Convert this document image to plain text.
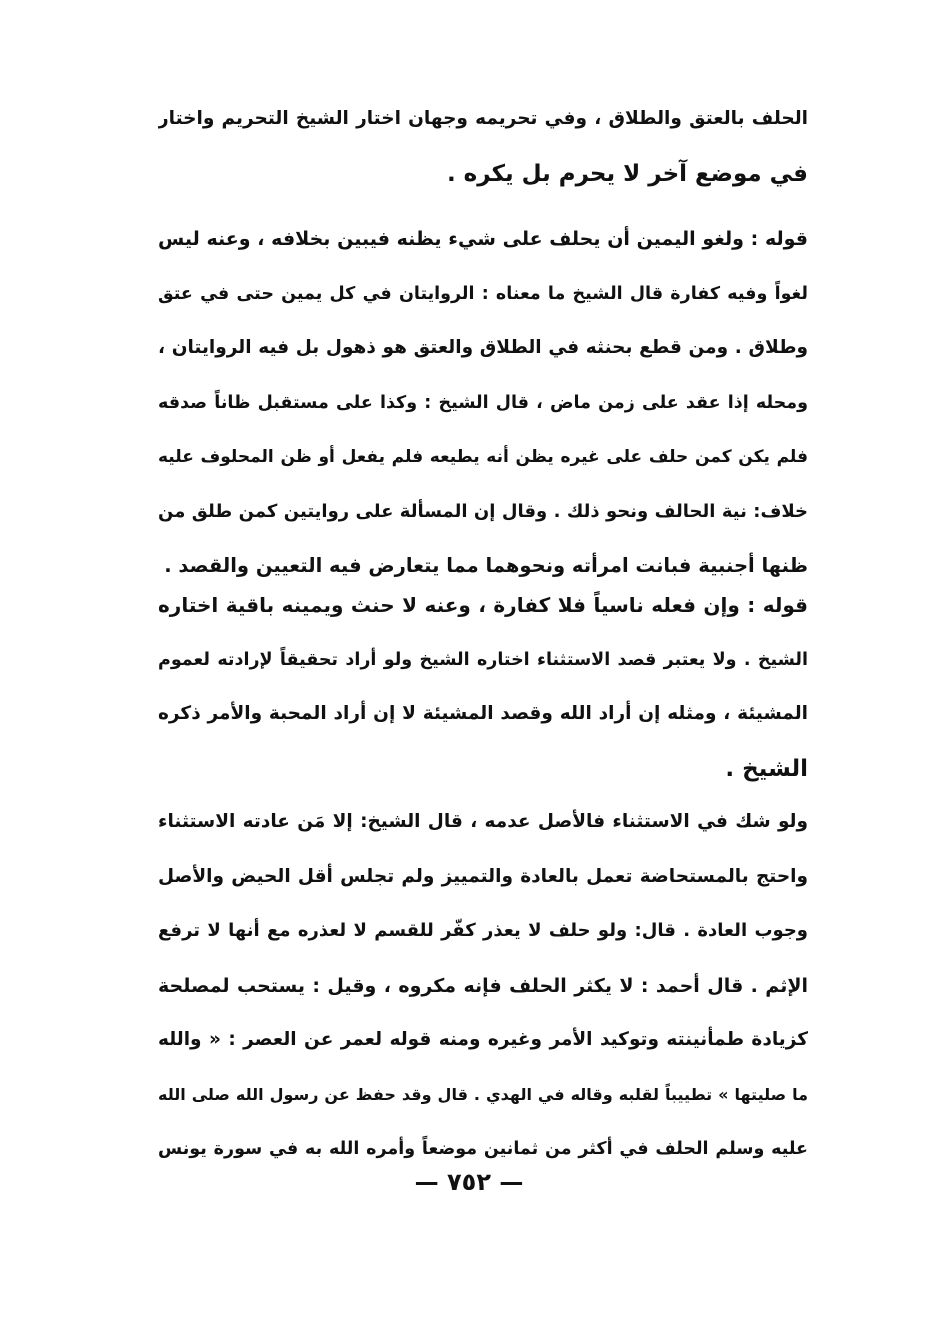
الحلف بالعتق والطلاق ، وفي تحريمه وجهان اختار الشيخ التحريم واختار
في موضع آخر لا يحرم بل يكره .
قوله : ولغو اليمين أن يحلف على شيء يظنه فيبين بخلافه ، وعنه ليس
لغواً وفيه كفارة قال الشيخ ما معناه : الروايتان في كل يمين حتى في عتق
وطلاق . ومن قطع بحنثه في الطلاق والعتق هو ذهول بل فيه الروايتان ،
ومحله إذا عقد على زمن ماض ، قال الشيخ : وكذا على مستقبل ظاناً صدقه
فلم يكن كمن حلف على غيره يظن أنه يطيعه فلم يفعل أو ظن المحلوف عليه
خلاف: نية الحالف ونحو ذلك . وقال إن المسألة على روايتين كمن طلق من
ظنها أجنبية فبانت امرأته ونحوهما مما يتعارض فيه التعيين والقصد .
قوله : وإن فعله ناسياً فلا كفارة ، وعنه لا حنث ويمينه باقية اختاره
الشيخ . ولا يعتبر قصد الاستثناء اختاره الشيخ ولو أراد تحقيقاً لإرادته لعموم
المشيئة ، ومثله إن أراد الله وقصد المشيئة لا إن أراد المحبة والأمر ذكره
الشيخ .
ولو شك في الاستثناء فالأصل عدمه ، قال الشيخ: إلا مَن عادته الاستثناء
واحتج بالمستحاضة تعمل بالعادة والتمييز ولم تجلس أقل الحيض والأصل
وجوب العادة . قال: ولو حلف لا يعذر كفّر للقسم لا لعذره مع أنها لا ترفع
الإثم . قال أحمد : لا يكثر الحلف فإنه مكروه ، وقيل : يستحب لمصلحة
كزيادة طمأنينته وتوكيد الأمر وغيره ومنه قوله لعمر عن العصر : « والله
ما صليتها » تطييباً لقلبه وقاله في الهدي . قال وقد حفظ عن رسول الله صلى الله
عليه وسلم الحلف في أكثر من ثمانين موضعاً وأمره الله به في سورة يونس
— ٧٥٢ —
